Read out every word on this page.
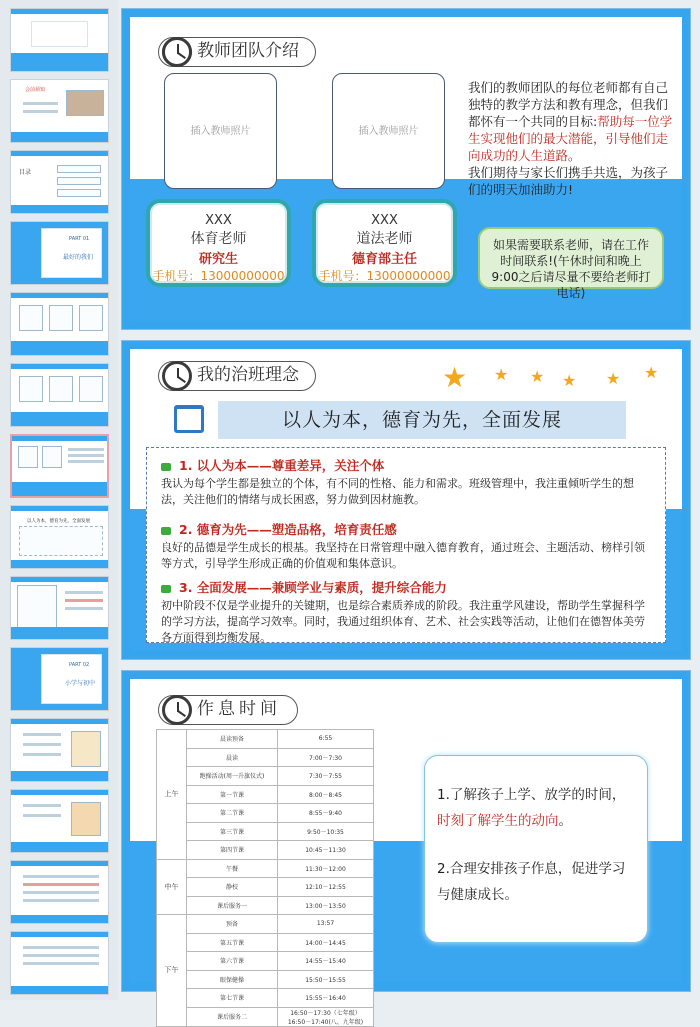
会前须知
目录
PART 01
最好的我们
以人为本，德育为先，全面发展
PART 02
小学与初中
教师团队介绍
插入教师照片	插入教师照片
XXX
体育老师
研究生
手机号：13000000000
XXX
道法老师
德育部主任
手机号：13000000000
我们的教师团队的每位老师都有自己独特的教学方法和教有理念，但我们都怀有一个共同的目标:帮助每一位学生实现他们的最大潜能，引导他们走向成功的人生道路。
我们期待与家长们携手共选，为孩子们的明天加油助力!
如果需要联系老师，请在工作时间联系!(午休时间和晚上9:00之后请尽量不要给老师打电话)
我的治班理念	★ ★ ★ ★ ★ ★
以人为本，德育为先，全面发展
1. 以人为本——尊重差异，关注个体
我认为每个学生都是独立的个体，有不同的性格、能力和需求。班级管理中，我注重倾听学生的想法，关注他们的情绪与成长困惑，努力做到因材施教。
2. 德育为先——塑造品格，培育责任感
良好的品德是学生成长的根基。我坚持在日常管理中融入德育教育，通过班会、主题活动、榜样引领等方式，引导学生形成正确的价值观和集体意识。
3. 全面发展——兼顾学业与素质，提升综合能力
初中阶段不仅是学业提升的关键期，也是综合素质养成的阶段。我注重学风建设，帮助学生掌握科学的学习方法，提高学习效率。同时，我通过组织体育、艺术、社会实践等活动，让他们在德智体美劳各方面得到均衡发展。
作息时间
上午	晨读预备	6:55
	晨读	7:00－7:30
	跑操活动(周一升旗仪式)	7:30－7:55
	第一节课	8:00－8:45
	第二节课	8:55－9:40
	第三节课	9:50－10:35
	第四节课	10:45－11:30
中午	午餐	11:30－12:00
	静校	12:10－12:55
	课后服务一	13:00－13:50
下午	预备	13:57
	第五节课	14:00－14:45
	第六节课	14:55－15:40
	眼保健操	15:50－15:55
	第七节课	15:55－16:40
	课后服务二	16:50－17:30（七年级）
16:50－17:40(八、九年级)
1.了解孩子上学、放学的时间，时刻了解学生的动向。
2.合理安排孩子作息，促进学习与健康成长。
